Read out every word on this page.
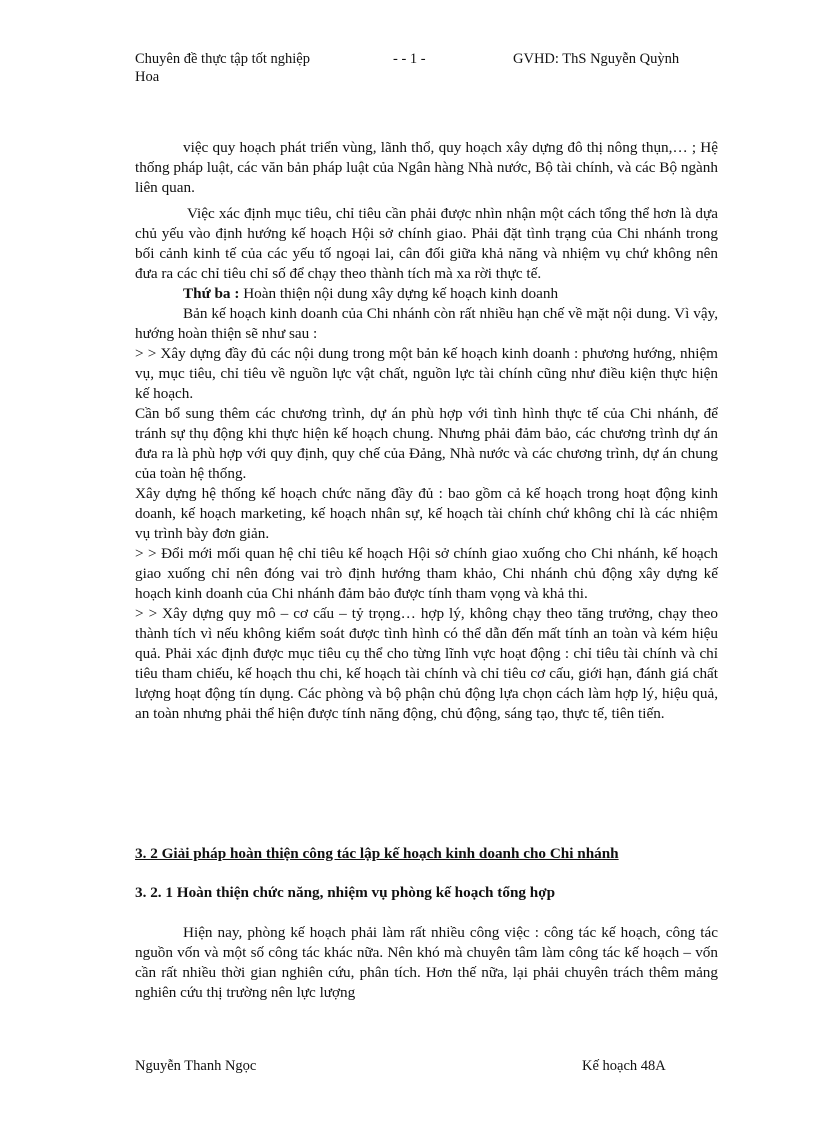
Chuyên đề thực tập tốt nghiệp	- - 1 -	GVHD: ThS Nguyễn Quỳnh
Hoa

việc quy hoạch phát triển vùng, lãnh thổ, quy hoạch xây dựng đô thị nông thụn,… ; Hệ thống pháp luật, các văn bản pháp luật của Ngân hàng Nhà nước, Bộ tài chính, và các Bộ ngành liên quan.

Việc xác định mục tiêu, chỉ tiêu cần phải được nhìn nhận một cách tổng thể hơn là dựa chủ yếu vào định hướng kế hoạch Hội sở chính giao. Phải đặt tình trạng của Chi nhánh trong bối cảnh kinh tế của các yếu tố ngoại lai, cân đối giữa khả năng và nhiệm vụ chứ không nên đưa ra các chỉ tiêu chỉ số để chạy theo thành tích mà xa rời thực tế.

Thứ ba : Hoàn thiện nội dung xây dựng kế hoạch kinh doanh

Bản kế hoạch kinh doanh của Chi nhánh còn rất nhiều hạn chế về mặt nội dung. Vì vậy, hướng hoàn thiện sẽ như sau :

> > Xây dựng đầy đủ các nội dung trong một bản kế hoạch kinh doanh : phương hướng, nhiệm vụ, mục tiêu, chỉ tiêu về nguồn lực vật chất, nguồn lực tài chính cũng như điều kiện thực hiện kế hoạch.

Cần bổ sung thêm các chương trình, dự án phù hợp với tình hình thực tế của Chi nhánh, để tránh sự thụ động khi thực hiện kế hoạch chung. Nhưng phải đảm bảo, các chương trình dự án đưa ra là phù hợp với quy định, quy chế của Đảng, Nhà nước và các chương trình, dự án chung của toàn hệ thống.

Xây dựng hệ thống kế hoạch chức năng đầy đủ : bao gồm cả kế hoạch trong hoạt động kinh doanh, kế hoạch marketing, kế hoạch nhân sự, kế hoạch tài chính chứ không chỉ là các nhiệm vụ trình bày đơn giản.

> > Đổi mới mối quan hệ chỉ tiêu kế hoạch Hội sở chính giao xuống cho Chi nhánh, kế hoạch giao xuống chỉ nên đóng vai trò định hướng tham khảo, Chi nhánh chủ động xây dựng kế hoạch kinh doanh của Chi nhánh đảm bảo được tính tham vọng và khả thi.

> > Xây dựng quy mô – cơ cấu – tỷ trọng… hợp lý, không chạy theo tăng trưởng, chạy theo thành tích vì nếu không kiểm soát được tình hình có thể dẫn đến mất tính an toàn và kém hiệu quả. Phải xác định được mục tiêu cụ thể cho từng lĩnh vực hoạt động : chỉ tiêu tài chính và chỉ tiêu tham chiếu, kế hoạch thu chi, kế hoạch tài chính và chỉ tiêu cơ cấu, giới hạn, đánh giá chất lượng hoạt động tín dụng. Các phòng và bộ phận chủ động lựa chọn cách làm hợp lý, hiệu quả, an toàn nhưng phải thể hiện được tính năng động, chủ động, sáng tạo, thực tế, tiên tiến.

3. 2 Giải pháp hoàn thiện công tác lập kế hoạch kinh doanh cho Chi nhánh
3. 2. 1 Hoàn thiện chức năng, nhiệm vụ phòng kế hoạch tổng hợp

Hiện nay, phòng kế hoạch phải làm rất nhiều công việc : công tác kế hoạch, công tác nguồn vốn và một số công tác khác nữa. Nên khó mà chuyên tâm làm công tác kế hoạch – vốn cần rất nhiều thời gian nghiên cứu, phân tích. Hơn thế nữa, lại phải chuyên trách thêm mảng nghiên cứu thị trường nên lực lượng

Nguyễn Thanh Ngọc	Kế hoạch 48A
